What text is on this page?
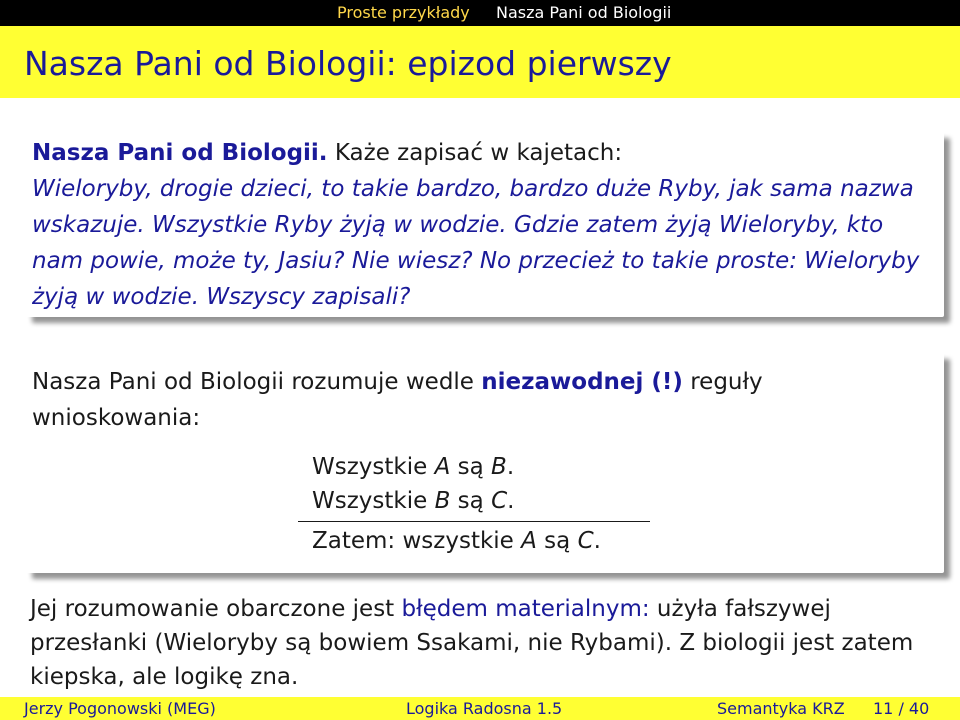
Proste przykłady Nasza Pani od Biologii
Nasza Pani od Biologii: epizod pierwszy

Nasza Pani od Biologii. Każe zapisać w kajetach:
Wieloryby, drogie dzieci, to takie bardzo, bardzo duże Ryby, jak sama nazwa wskazuje. Wszystkie Ryby żyją w wodzie. Gdzie zatem żyją Wieloryby, kto nam powie, może ty, Jasiu? Nie wiesz? No przecież to takie proste: Wieloryby żyją w wodzie. Wszyscy zapisali?

Nasza Pani od Biologii rozumuje wedle niezawodnej (!) reguły wnioskowania:

Wszystkie A są B.
Wszystkie B są C.
Zatem: wszystkie A są C.

Jej rozumowanie obarczone jest błędem materialnym: użyła fałszywej przesłanki (Wieloryby są bowiem Ssakami, nie Rybami). Z biologii jest zatem kiepska, ale logikę zna.

Jerzy Pogonowski (MEG)	Logika Radosna 1.5	Semantyka KRZ 11 / 40
